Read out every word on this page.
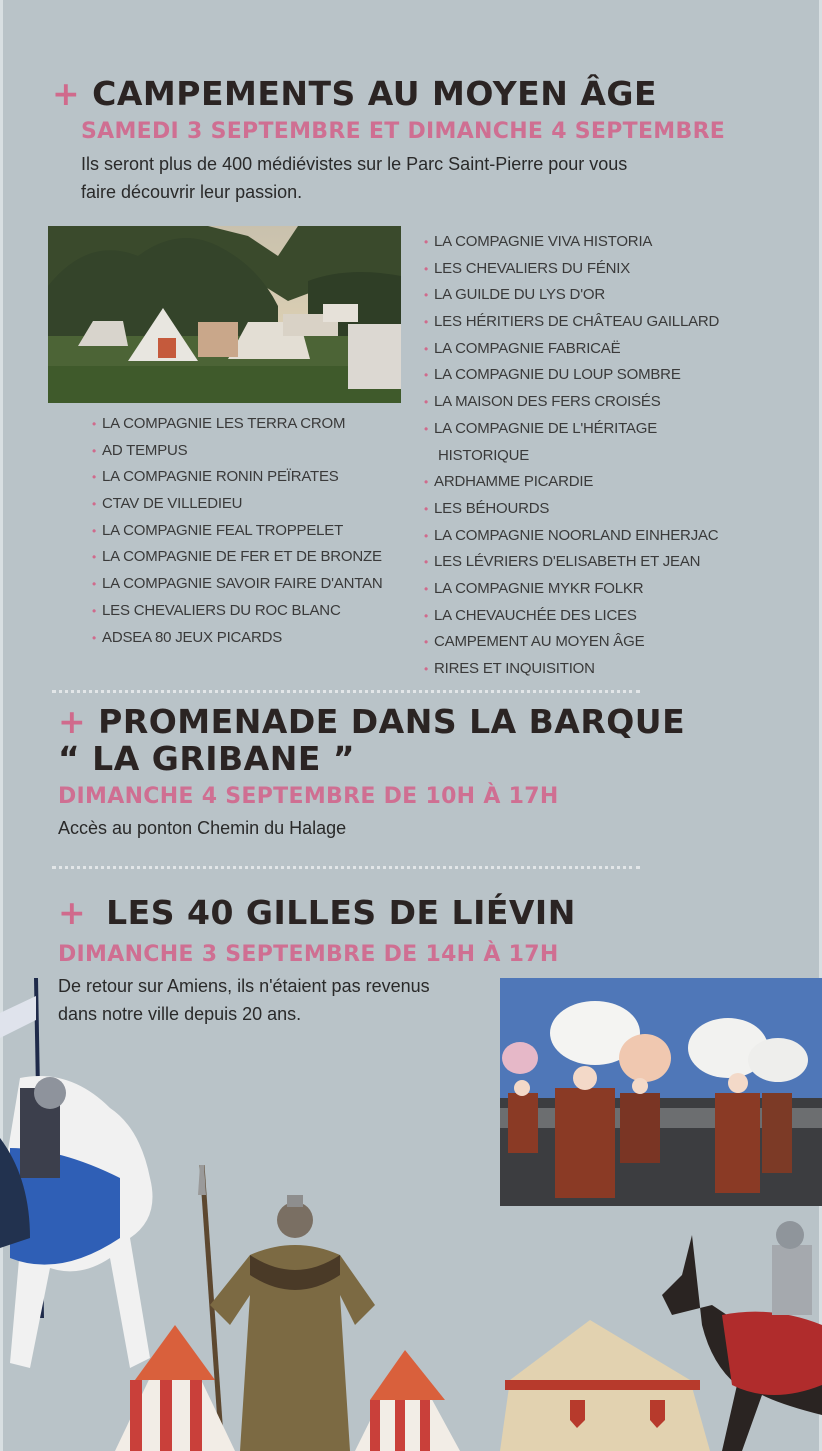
+ CAMPEMENTS AU MOYEN ÂGE
SAMEDI 3 SEPTEMBRE ET DIMANCHE 4 SEPTEMBRE
Ils seront plus de 400 médiévistes sur le Parc Saint-Pierre pour vous
faire découvrir leur passion.
• LA COMPAGNIE LES TERRA CROM
• AD TEMPUS
• LA COMPAGNIE RONIN PEÏRATES
• CTAV DE VILLEDIEU
• LA COMPAGNIE FEAL TROPPELET
• LA COMPAGNIE DE FER ET DE BRONZE
• LA COMPAGNIE SAVOIR FAIRE D'ANTAN
• LES CHEVALIERS DU ROC BLANC
• ADSEA 80 JEUX PICARDS
• LA COMPAGNIE VIVA HISTORIA
• LES CHEVALIERS DU FÉNIX
• LA GUILDE DU LYS D'OR
• LES HÉRITIERS DE CHÂTEAU GAILLARD
• LA COMPAGNIE FABRICAË
• LA COMPAGNIE DU LOUP SOMBRE
• LA MAISON DES FERS CROISÉS
• LA COMPAGNIE DE L'HÉRITAGE
HISTORIQUE
• ARDHAMME PICARDIE
• LES BÉHOURDS
• LA COMPAGNIE NOORLAND EINHERJAC
• LES LÉVRIERS D'ELISABETH ET JEAN
• LA COMPAGNIE MYKR FOLKR
• LA CHEVAUCHÉE DES LICES
• CAMPEMENT AU MOYEN ÂGE
• RIRES ET INQUISITION
+ PROMENADE DANS LA BARQUE
“ LA GRIBANE ”
DIMANCHE 4 SEPTEMBRE DE 10H À 17H
Accès au ponton Chemin du Halage
+ LES 40 GILLES DE LIÉVIN
DIMANCHE 3 SEPTEMBRE DE 14H À 17H
De retour sur Amiens, ils n'étaient pas revenus
dans notre ville depuis 20 ans.
